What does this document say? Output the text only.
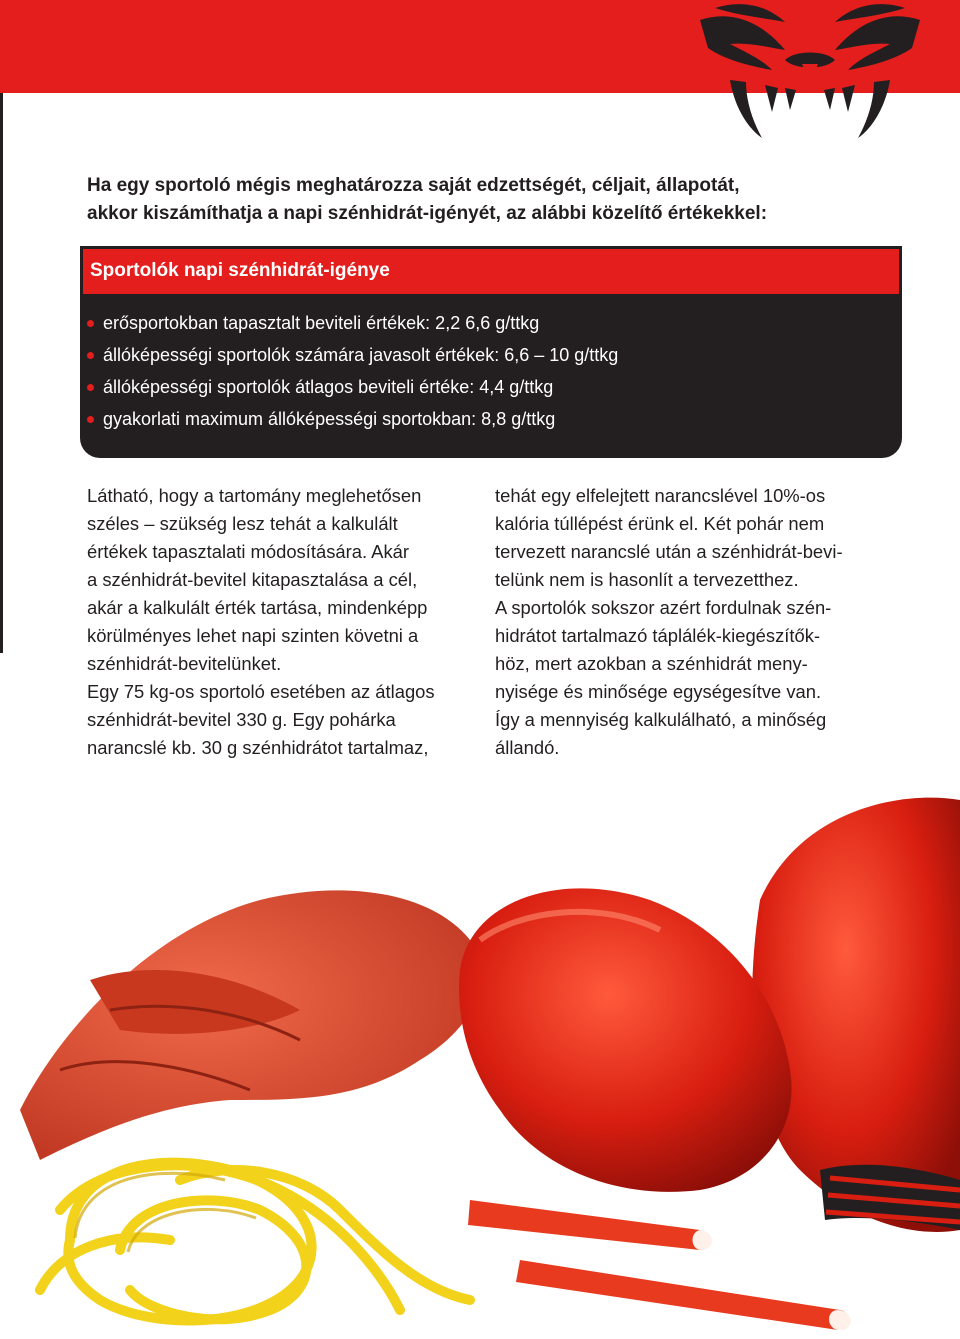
Ha egy sportoló mégis meghatározza saját edzettségét, céljait, állapotát,

akkor kiszámíthatja a napi szénhidrát-igényét, az alábbi közelítő értékekkel:

Sportolók napi szénhidrát-igénye
erősportokban tapasztalt beviteli értékek: 2,2 6,6 g/ttkg
állóképességi sportolók számára javasolt értékek: 6,6 – 10 g/ttkg
állóképességi sportolók átlagos beviteli értéke: 4,4 g/ttkg
gyakorlati maximum állóképességi sportokban: 8,8 g/ttkg

Látható, hogy a tartomány meglehetősen

széles – szükség lesz tehát a kalkulált

értékek tapasztalati módosítására. Akár

a szénhidrát-bevitel kitapasztalása a cél,

akár a kalkulált érték tartása, mindenképp

körülményes lehet napi szinten követni a

szénhidrát-bevitelünket.

Egy 75 kg-os sportoló esetében az átlagos

szénhidrát-bevitel 330 g. Egy pohárka

narancslé kb. 30 g szénhidrátot tartalmaz,

tehát egy elfelejtett narancslével 10%-os

kalória túllépést érünk el. Két pohár nem

tervezett narancslé után a szénhidrát-bevi-

telünk nem is hasonlít a tervezetthez.

A sportolók sokszor azért fordulnak szén-

hidrátot tartalmazó táplálék-kiegészítők-

höz, mert azokban a szénhidrát meny-

nyisége és minősége egységesítve van.

Így a mennyiség kalkulálható, a minőség

állandó.
